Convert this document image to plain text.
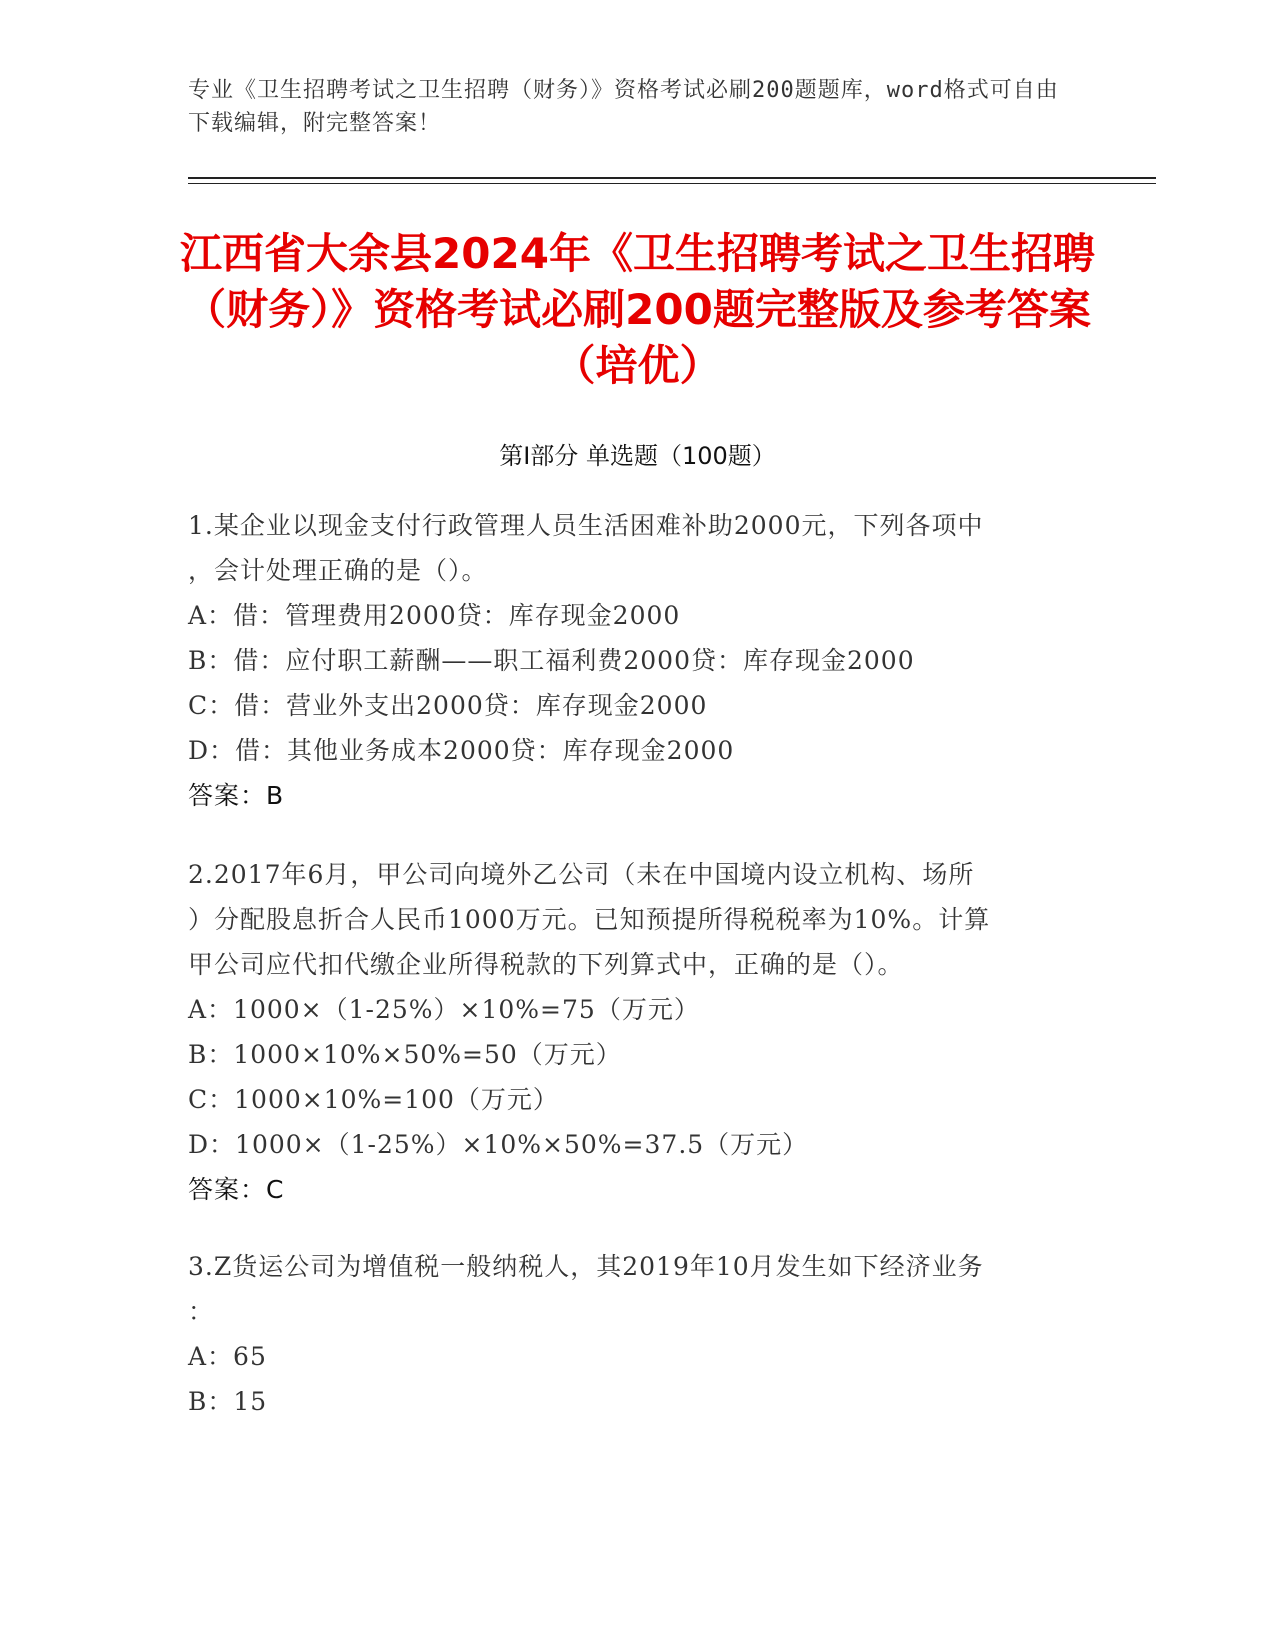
专业《卫生招聘考试之卫生招聘（财务）》资格考试必刷200题题库，word格式可自由下载编辑，附完整答案！
江西省大余县2024年《卫生招聘考试之卫生招聘（财务）》资格考试必刷200题完整版及参考答案（培优）
第Ⅰ部分 单选题（100题）
1.某企业以现金支付行政管理人员生活困难补助2000元，下列各项中
，会计处理正确的是（）。
A：借：管理费用2000贷：库存现金2000
B：借：应付职工薪酬——职工福利费2000贷：库存现金2000
C：借：营业外支出2000贷：库存现金2000
D：借：其他业务成本2000贷：库存现金2000
答案：B
2.2017年6月，甲公司向境外乙公司（未在中国境内设立机构、场所
）分配股息折合人民币1000万元。已知预提所得税税率为10%。计算
甲公司应代扣代缴企业所得税款的下列算式中，正确的是（）。
A：1000×（1-25%）×10%=75（万元）
B：1000×10%×50%=50（万元）
C：1000×10%=100（万元）
D：1000×（1-25%）×10%×50%=37.5（万元）
答案：C
3.Z货运公司为增值税一般纳税人，其2019年10月发生如下经济业务
：
A：65
B：15
